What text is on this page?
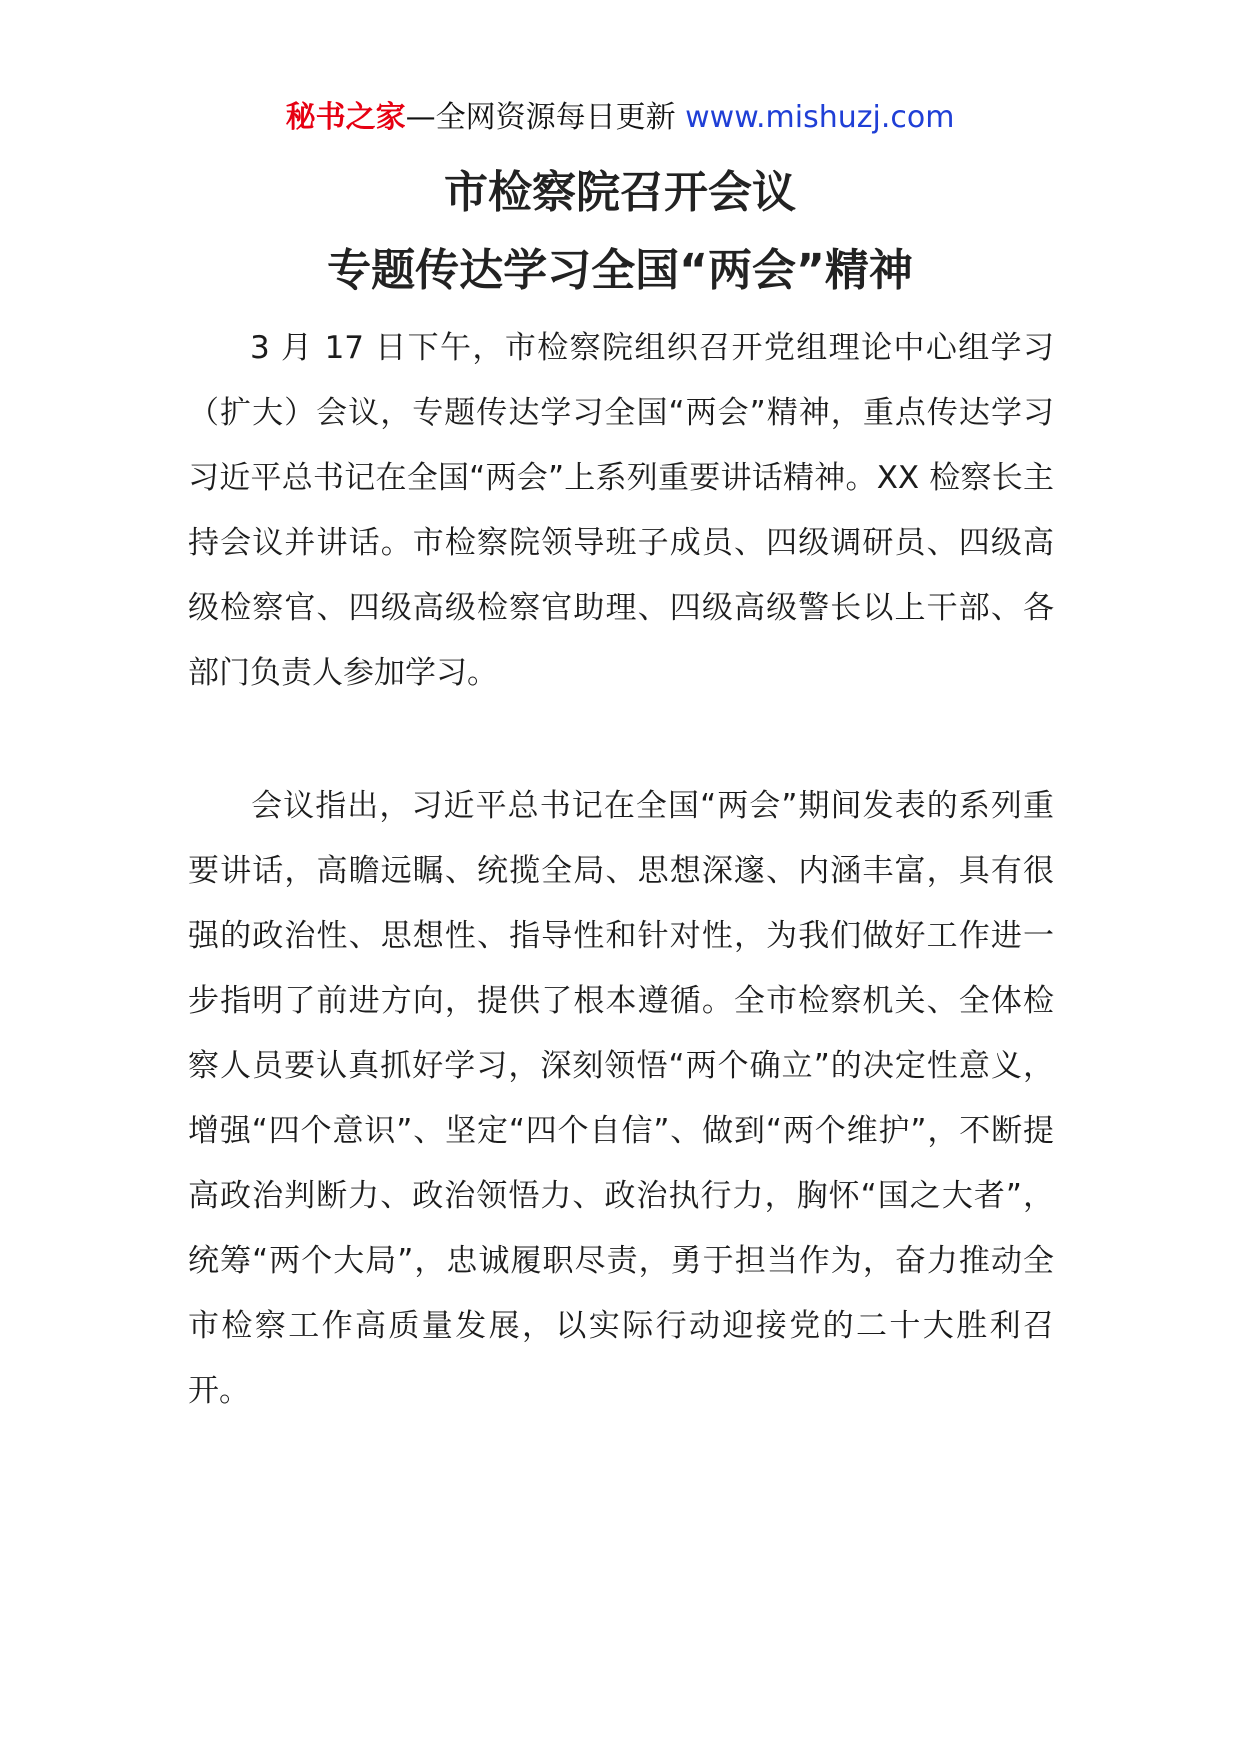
秘书之家—全网资源每日更新 www.mishuzj.com
市检察院召开会议
专题传达学习全国“两会”精神

3 月 17 日下午，市检察院组织召开党组理论中心组学习（扩大）会议，专题传达学习全国“两会”精神，重点传达学习习近平总书记在全国“两会”上系列重要讲话精神。XX 检察长主持会议并讲话。市检察院领导班子成员、四级调研员、四级高级检察官、四级高级检察官助理、四级高级警长以上干部、各部门负责人参加学习。

会议指出，习近平总书记在全国“两会”期间发表的系列重要讲话，高瞻远瞩、统揽全局、思想深邃、内涵丰富，具有很强的政治性、思想性、指导性和针对性，为我们做好工作进一步指明了前进方向，提供了根本遵循。全市检察机关、全体检察人员要认真抓好学习，深刻领悟“两个确立”的决定性意义，增强“四个意识”、坚定“四个自信”、做到“两个维护”，不断提高政治判断力、政治领悟力、政治执行力，胸怀“国之大者”，统筹“两个大局”，忠诚履职尽责，勇于担当作为，奋力推动全市检察工作高质量发展，以实际行动迎接党的二十大胜利召开。
